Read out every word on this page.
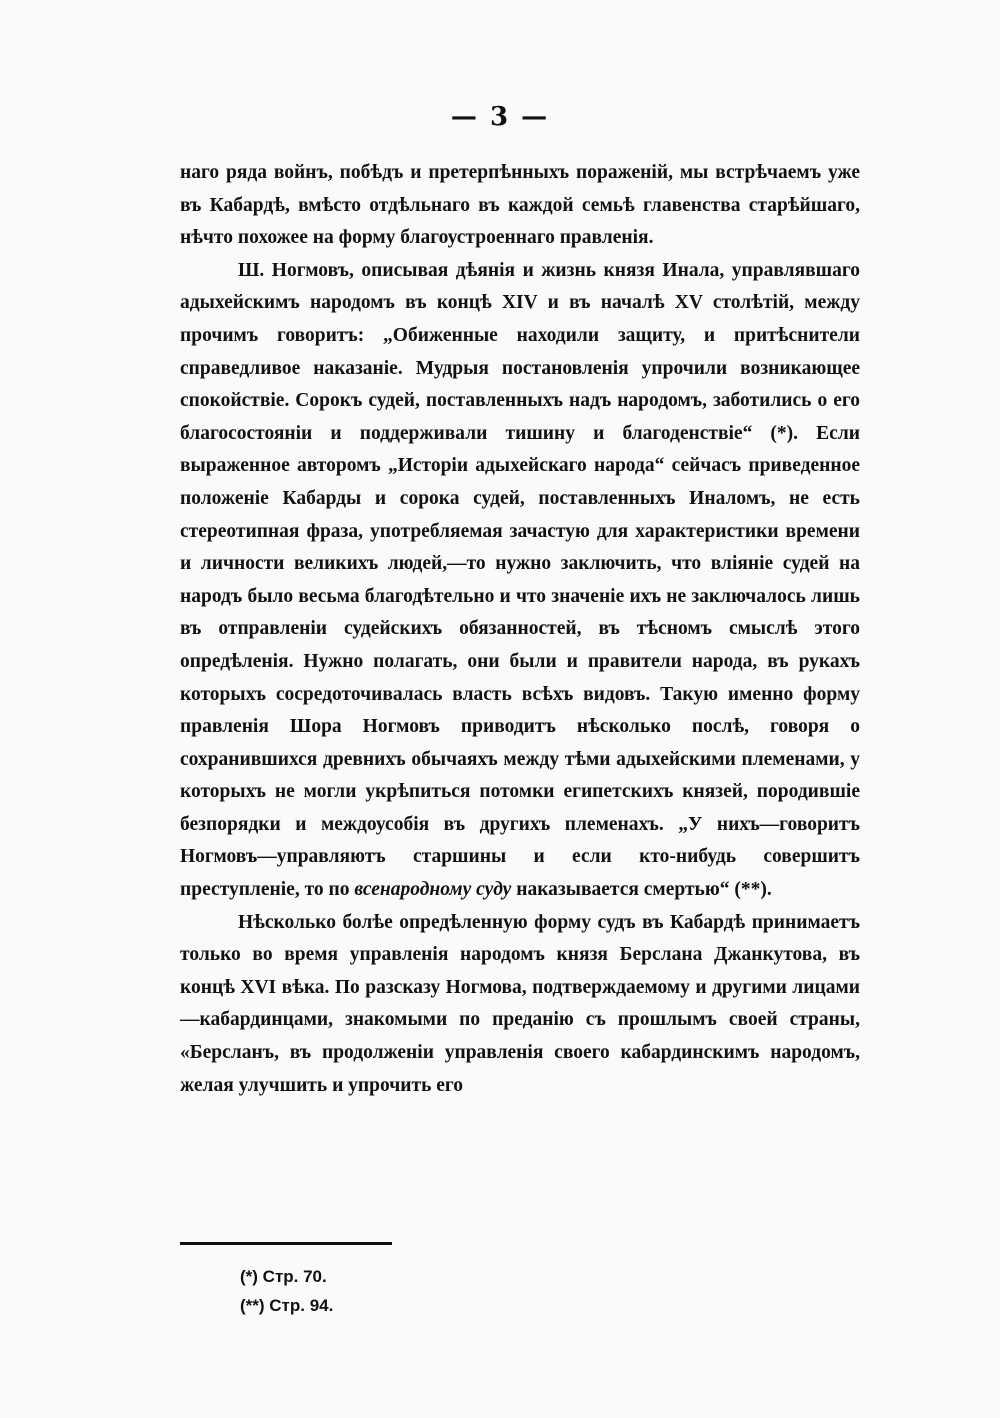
— 3 —

наго ряда войнъ, побѣдъ и претерпѣнныхъ пораженій, мы встрѣчаемъ уже въ Кабардѣ, вмѣсто отдѣльнаго въ каждой семьѣ главенства старѣйшаго, нѣчто похожее на форму благоустроеннаго правленія.

Ш. Ногмовъ, описывая дѣянія и жизнь князя Инала, управлявшаго адыхейскимъ народомъ въ концѣ XIV и въ началѣ XV столѣтій, между прочимъ говоритъ: „Обиженные находили защиту, и притѣснители справедливое наказаніе. Мудрыя постановленія упрочили возникающее спокойствіе. Сорокъ судей, поставленныхъ надъ народомъ, заботились о его благосостояніи и поддерживали тишину и благоденствіе“ (*). Если выраженное авторомъ „Исторіи адыхейскаго народа“ сейчасъ приведенное положеніе Кабарды и сорока судей, поставленныхъ Иналомъ, не есть стереотипная фраза, употребляемая зачастую для характеристики времени и личности великихъ людей,—то нужно заключить, что вліяніе судей на народъ было весьма благодѣтельно и что значеніе ихъ не заключалось лишь въ отправленіи судейскихъ обязанностей, въ тѣсномъ смыслѣ этого опредѣленія. Нужно полагать, они были и правители народа, въ рукахъ которыхъ сосредоточивалась власть всѣхъ видовъ. Такую именно форму правленія Шора Ногмовъ приводитъ нѣсколько послѣ, говоря о сохранившихся древнихъ обычаяхъ между тѣми адыхейскими племенами, у которыхъ не могли укрѣпиться потомки египетскихъ князей, породившіе безпорядки и междоусобія въ другихъ племенахъ. „У нихъ—говоритъ Ногмовъ—управляютъ старшины и если кто-нибудь совершитъ преступленіе, то по всенародному суду наказывается смертью“ (**).

Нѣсколько болѣе опредѣленную форму судъ въ Кабардѣ принимаетъ только во время управленія народомъ князя Берслана Джанкутова, въ концѣ XVI вѣка. По разсказу Ногмова, подтверждаемому и другими лицами—кабардинцами, знакомыми по преданію съ прошлымъ своей страны, «Берсланъ, въ продолженіи управленія своего кабардинскимъ народомъ, желая улучшить и упрочить его

(*) Стр. 70.
(**) Стр. 94.
